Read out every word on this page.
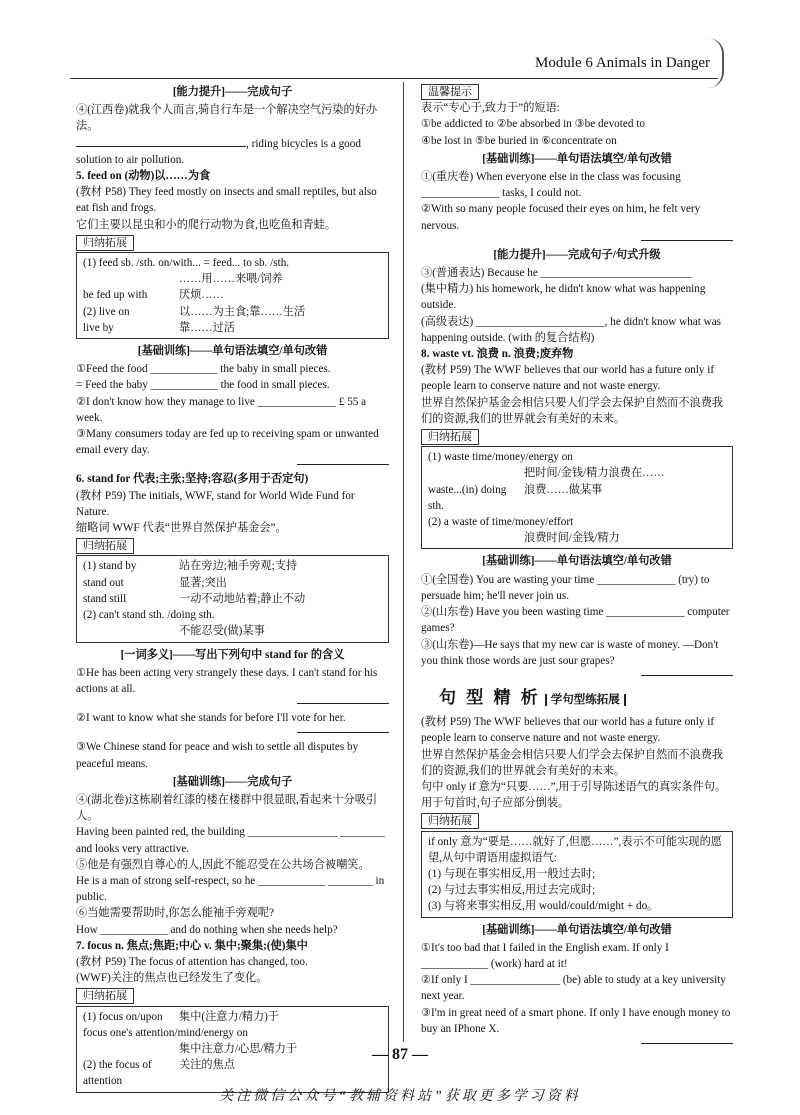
Module 6 Animals in Danger
[能力提升]——完成句子
④(江西卷)就我个人而言,骑自行车是一个解决空气污染的好办法。
, riding bicycles is a good solution to air pollution.
5. feed on (动物)以……为食
(教材 P58) They feed mostly on insects and small reptiles, but also eat fish and frogs.
它们主要以昆虫和小的爬行动物为食,也吃鱼和青蛙。
归纳拓展
(1) feed sb. /sth. on/with... = feed... to sb. /sth.
……用……来喂/饲养
be fed up with	厌烦……
(2) live on	以……为主食;靠……生活
live by	靠……过活
[基础训练]——单句语法填空/单句改错
①Feed the food ____________ the baby in small pieces.
= Feed the baby ____________ the food in small pieces.
②I don't know how they manage to live ______________ £ 55 a week.
③Many consumers today are fed up to receiving spam or unwanted email every day.
6. stand for 代表;主张;坚持;容忍(多用于否定句)
(教材 P59) The initials, WWF, stand for World Wide Fund for Nature.
缩略词 WWF 代表“世界自然保护基金会”。
归纳拓展
(1) stand by	站在旁边;袖手旁观;支持
stand out	显著;突出
stand still	一动不动地站着;静止不动
(2) can't stand sth. /doing sth.
不能忍受(做)某事
[一词多义]——写出下列句中 stand for 的含义
①He has been acting very strangely these days. I can't stand for his actions at all.
②I want to know what she stands for before I'll vote for her.
③We Chinese stand for peace and wish to settle all disputes by peaceful means.
[基础训练]——完成句子
④(湖北卷)这栋刷着红漆的楼在楼群中很显眼,看起来十分吸引人。
Having been painted red, the building ________________ ________ and looks very attractive.
⑤他是有强烈自尊心的人,因此不能忍受在公共场合被嘲笑。
He is a man of strong self-respect, so he ____________ ________ in public.
⑥当她需要帮助时,你怎么能袖手旁观呢?
How ____________ and do nothing when she needs help?
7. focus n. 焦点;焦距;中心 v. 集中;聚集;(使)集中
(教材 P59) The focus of attention has changed, too.
(WWF)关注的焦点也已经发生了变化。
归纳拓展
(1) focus on/upon	集中(注意力/精力)于
focus one's attention/mind/energy on
集中注意力/心思/精力于
(2) the focus of attention
关注的焦点
温馨提示
表示“专心于,致力于”的短语:
①be addicted to ②be absorbed in ③be devoted to
④be lost in ⑤be buried in ⑥concentrate on
[基础训练]——单句语法填空/单句改错
①(重庆卷) When everyone else in the class was focusing ______________ tasks, I could not.
②With so many people focused their eyes on him, he felt very nervous.
[能力提升]——完成句子/句式升级
③(普通表达) Because he ___________________________
(集中精力) his homework, he didn't know what was happening outside.
(高级表达) _______________________, he didn't know what was happening outside. (with 的复合结构)
8. waste vt. 浪费 n. 浪费;废弃物
(教材 P59) The WWF believes that our world has a future only if people learn to conserve nature and not waste energy.
世界自然保护基金会相信只要人们学会去保护自然而不浪费我们的资源,我们的世界就会有美好的未来。
归纳拓展
(1) waste time/money/energy on
把时间/金钱/精力浪费在……
waste...(in) doing sth.
浪费……做某事
(2) a waste of time/money/effort
浪费时间/金钱/精力
[基础训练]——单句语法填空/单句改错
①(全国卷) You are wasting your time ______________ (try) to persuade him; he'll never join us.
②(山东卷) Have you been wasting time ______________ computer games?
③(山东卷)—He says that my new car is waste of money. —Don't you think those words are just sour grapes?
句 型 精 析 学句型练拓展
(教材 P59) The WWF believes that our world has a future only if people learn to conserve nature and not waste energy.
世界自然保护基金会相信只要人们学会去保护自然而不浪费我们的资源,我们的世界就会有美好的未来。
句中 only if 意为“只要……”,用于引导陈述语气的真实条件句。用于句首时,句子应部分倒装。
归纳拓展
if only 意为“要是……就好了,但愿……”,表示不可能实现的愿望,从句中谓语用虚拟语气:
(1) 与现在事实相反,用一般过去时;
(2) 与过去事实相反,用过去完成时;
(3) 与将来事实相反,用 would/could/might + do。
[基础训练]——单句语法填空/单句改错
①It's too bad that I failed in the English exam. If only I ____________ (work) hard at it!
②If only I ________________ (be) able to study at a key university next year.
③I'm in great need of a smart phone. If only I have enough money to buy an IPhone X.
— 87 —
关注微信公众号“教辅资料站”获取更多学习资料
